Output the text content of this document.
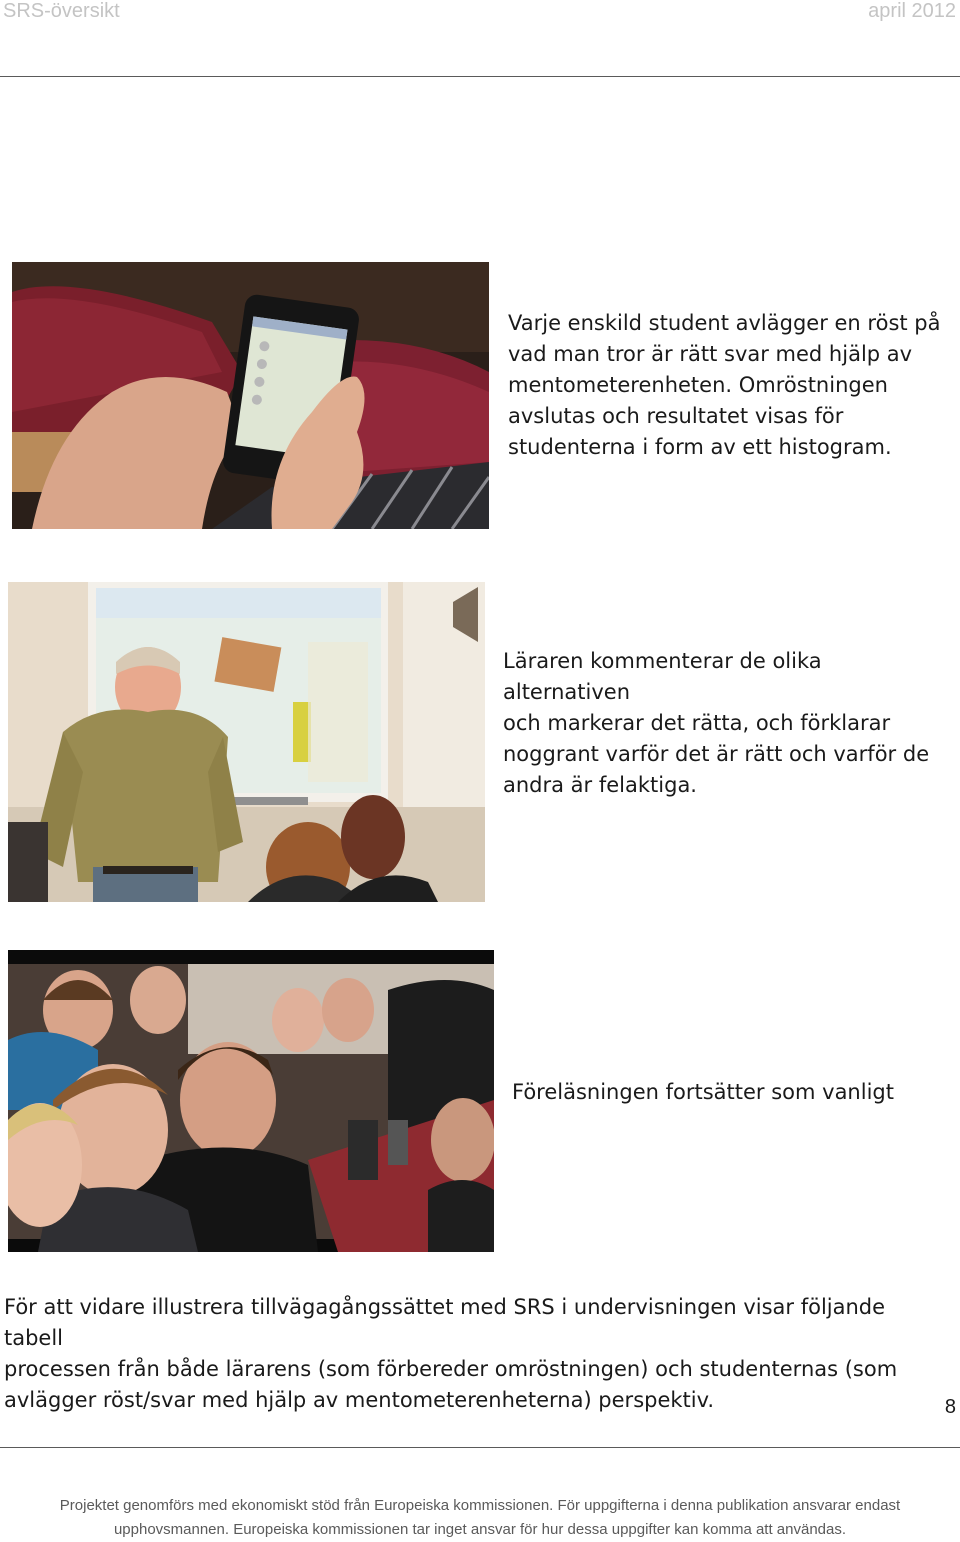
SRS-översikt	april 2012
Varje enskild student avlägger en röst på
vad man tror är rätt svar med hjälp av
mentometerenheten. Omröstningen
avslutas och resultatet visas för
studenterna i form av ett histogram.
Läraren kommenterar de olika alternativen
och markerar det rätta, och förklarar
noggrant varför det är rätt och varför de
andra är felaktiga.
Föreläsningen fortsätter som vanligt
För att vidare illustrera tillvägagångssättet med SRS i undervisningen visar följande tabell
processen från både lärarens (som förbereder omröstningen) och studenternas (som
avlägger röst/svar med hjälp av mentometerenheterna) perspektiv.	8
Projektet genomförs med ekonomiskt stöd från Europeiska kommissionen. För uppgifterna i denna publikation ansvarar endast
upphovsmannen. Europeiska kommissionen tar inget ansvar för hur dessa uppgifter kan komma att användas.
